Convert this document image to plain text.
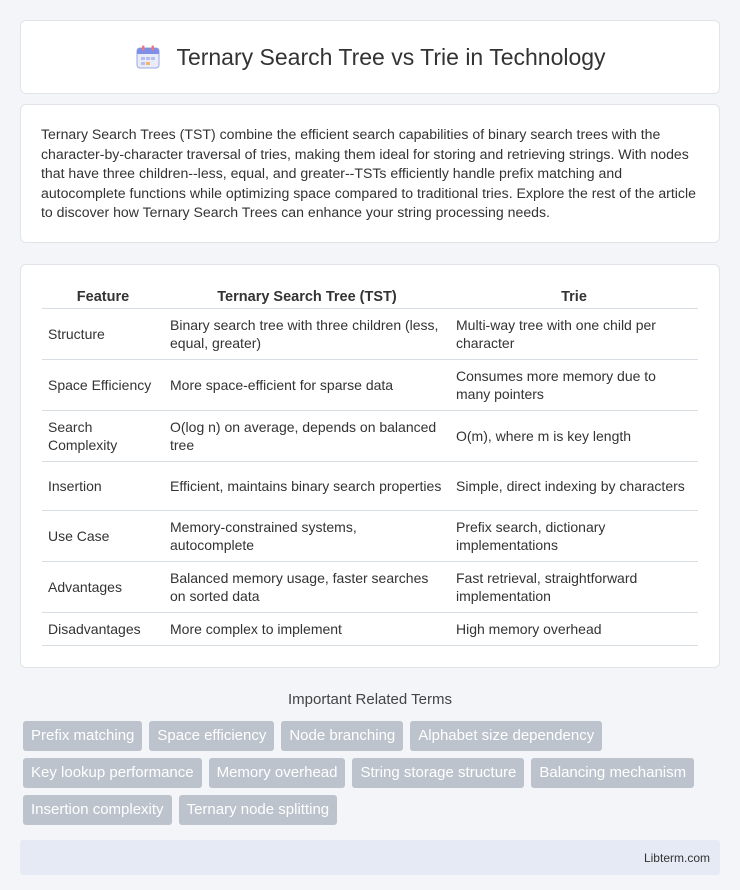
Ternary Search Tree vs Trie in Technology

Ternary Search Trees (TST) combine the efficient search capabilities of binary search trees with the character-by-character traversal of tries, making them ideal for storing and retrieving strings. With nodes that have three children--less, equal, and greater--TSTs efficiently handle prefix matching and autocomplete functions while optimizing space compared to traditional tries. Explore the rest of the article to discover how Ternary Search Trees can enhance your string processing needs.

Feature	Ternary Search Tree (TST)	Trie
Structure	Binary search tree with three children (less, equal, greater)	Multi-way tree with one child per character
Space Efficiency	More space-efficient for sparse data	Consumes more memory due to many pointers
Search Complexity	O(log n) on average, depends on balanced tree	O(m), where m is key length
Insertion	Efficient, maintains binary search properties	Simple, direct indexing by characters
Use Case	Memory-constrained systems, autocomplete	Prefix search, dictionary implementations
Advantages	Balanced memory usage, faster searches on sorted data	Fast retrieval, straightforward implementation
Disadvantages	More complex to implement	High memory overhead
Important Related Terms
Prefix matching	Space efficiency	Node branching	Alphabet size dependency
Key lookup performance	Memory overhead	String storage structure	Balancing mechanism
Insertion complexity	Ternary node splitting
Libterm.com
